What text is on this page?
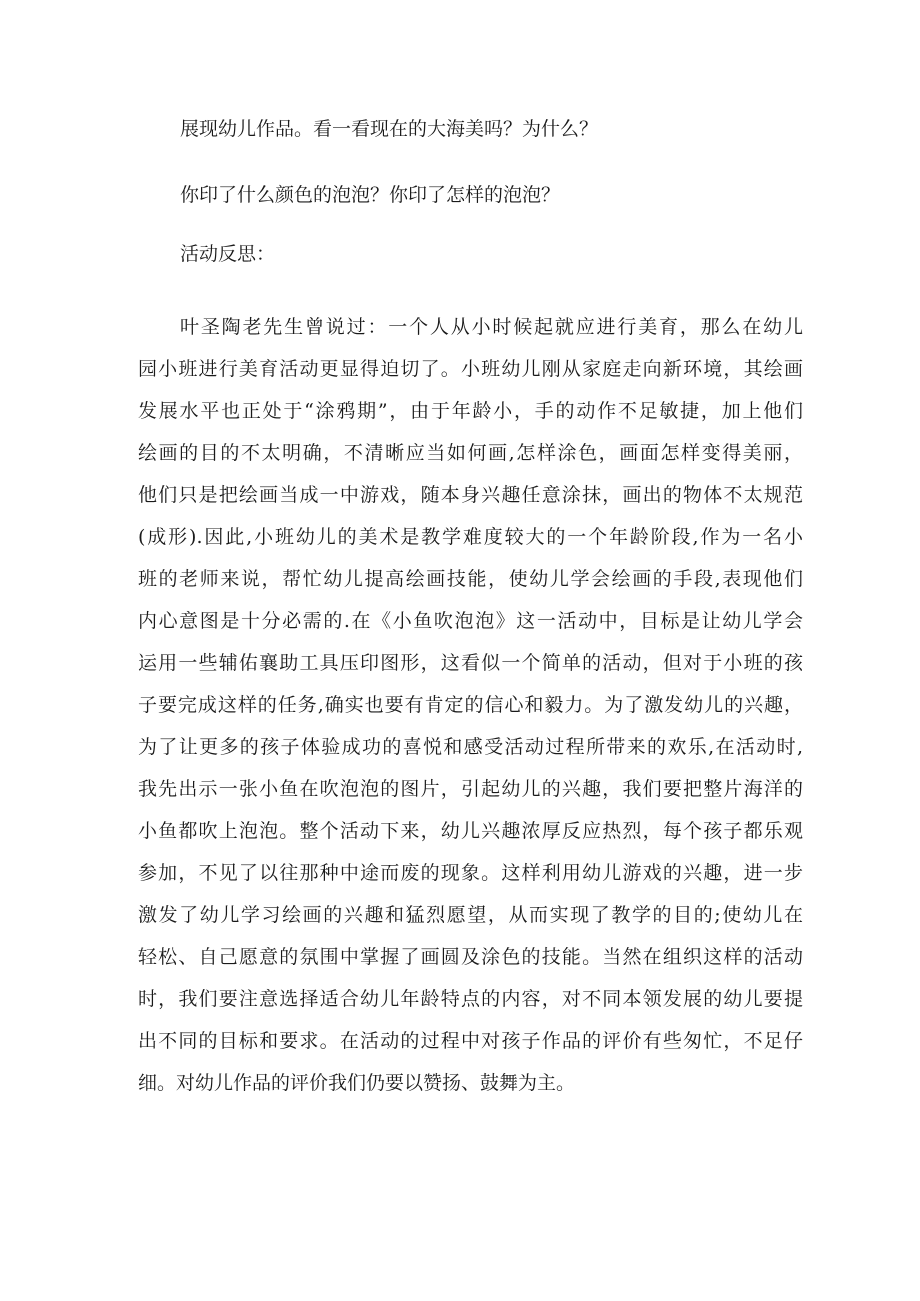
展现幼儿作品。看一看现在的大海美吗？为什么？

你印了什么颜色的泡泡？你印了怎样的泡泡？

活动反思：

叶圣陶老先生曾说过：一个人从小时候起就应进行美育，那么在幼儿
园小班进行美育活动更显得迫切了。小班幼儿刚从家庭走向新环境，其绘画
发展水平也正处于“涂鸦期”，由于年龄小，手的动作不足敏捷，加上他们
绘画的目的不太明确，不清晰应当如何画,怎样涂色，画面怎样变得美丽，
他们只是把绘画当成一中游戏，随本身兴趣任意涂抹，画出的物体不太规范
(成形).因此,小班幼儿的美术是教学难度较大的一个年龄阶段,作为一名小
班的老师来说，帮忙幼儿提高绘画技能，使幼儿学会绘画的手段,表现他们
内心意图是十分必需的.在《小鱼吹泡泡》这一活动中，目标是让幼儿学会
运用一些辅佑襄助工具压印图形，这看似一个简单的活动，但对于小班的孩
子要完成这样的任务,确实也要有肯定的信心和毅力。为了激发幼儿的兴趣，
为了让更多的孩子体验成功的喜悦和感受活动过程所带来的欢乐,在活动时,
我先出示一张小鱼在吹泡泡的图片，引起幼儿的兴趣，我们要把整片海洋的
小鱼都吹上泡泡。整个活动下来，幼儿兴趣浓厚反应热烈，每个孩子都乐观
参加，不见了以往那种中途而废的现象。这样利用幼儿游戏的兴趣，进一步
激发了幼儿学习绘画的兴趣和猛烈愿望，从而实现了教学的目的;使幼儿在
轻松、自己愿意的氛围中掌握了画圆及涂色的技能。当然在组织这样的活动
时，我们要注意选择适合幼儿年龄特点的内容，对不同本领发展的幼儿要提
出不同的目标和要求。在活动的过程中对孩子作品的评价有些匆忙，不足仔
细。对幼儿作品的评价我们仍要以赞扬、鼓舞为主。
